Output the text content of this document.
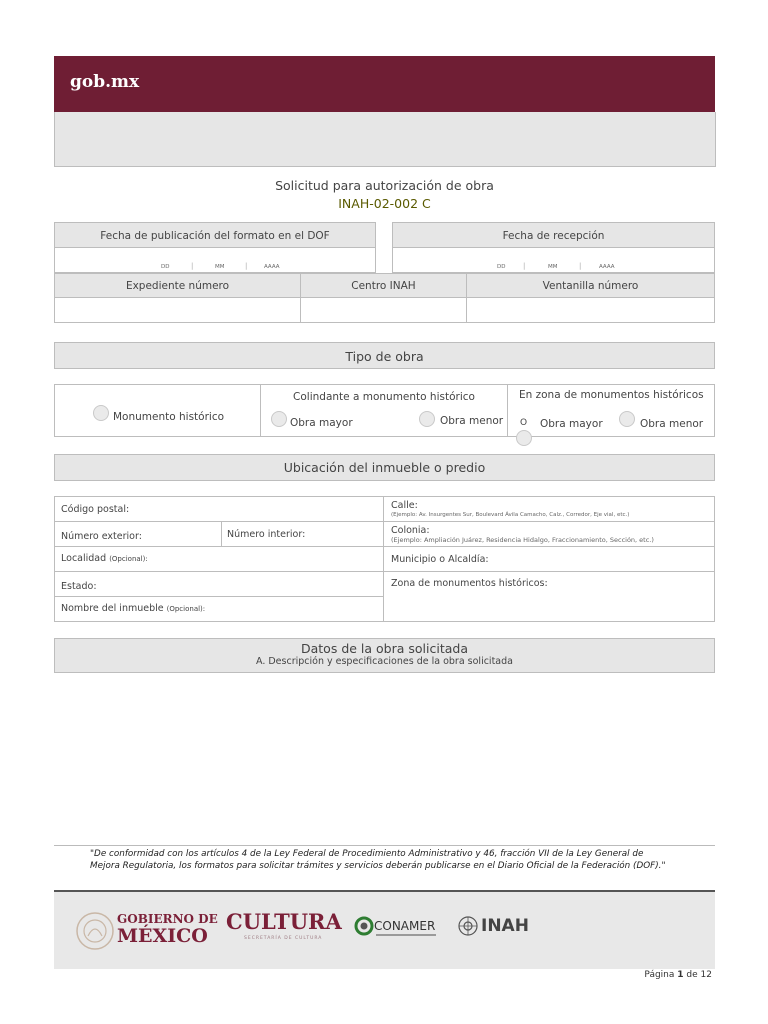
gob.mx
Solicitud para autorización de obra
INAH-02-002 C
Fecha de publicación del formato en el DOF
DD	|	MM	|	AAAA
Fecha de recepción
DD	|	MM	|	AAAA
Expediente número	Centro INAH	Ventanilla número
Tipo de obra
Monumento histórico
Colindante a monumento histórico
Obra mayor	Obra menor
En zona de monumentos históricos
O Obra mayor	Obra menor
Ubicación del inmueble o predio
Código postal:	Calle:
(Ejemplo: Av. Insurgentes Sur, Boulevard Ávila Camacho, Calz., Corredor, Eje vial, etc.)
Número exterior:	Número interior:	Colonia:
(Ejemplo: Ampliación Juárez, Residencia Hidalgo, Fraccionamiento, Sección, etc.)
Localidad (Opcional):	Municipio o Alcaldía:
Estado:	Zona de monumentos históricos:
Nombre del inmueble (Opcional):
Datos de la obra solicitada
A. Descripción y especificaciones de la obra solicitada
"De conformidad con los artículos 4 de la Ley Federal de Procedimiento Administrativo y 46, fracción VII de la Ley General de Mejora Regulatoria, los formatos para solicitar trámites y servicios deberán publicarse en el Diario Oficial de la Federación (DOF)."
GOBIERNO DE
MÉXICO
CULTURA
SECRETARÍA DE CULTURA
CONAMER	INAH
Página 1 de 12
